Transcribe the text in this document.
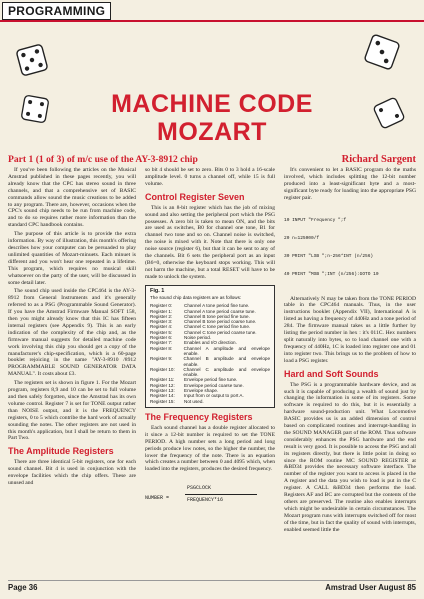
PROGRAMMING
MACHINE CODE
MOZART
Part 1 (1 of 3) of m/c use of the AY-3-8912 chip	Richard Sargent

If you've been following the articles on the Musical Amstrad published in these pages recently, you will already know that the CPC has stereo sound in three channels, and that a comprehensive set of BASIC commands allow sound the music creations to be added to any program. There are, however, occasions when the CPC's sound chip needs to be run from machine code, and to do so requires rather more information than the standard CPC handbook contains.

The purpose of this article is to provide the extra information. By way of illustration, this month's offering describes how your computer can be persuaded to play unlimited quantities of Mozart-minuets. Each minuet is different and you won't hear one repeated in a lifetime. This program, which requires no musical skill whatsoever on the party of the user, will be discussed in some detail later.

The sound chip used inside the CPC464 is the AY-3-8912 from General Instruments and it's generally referred to as a PSG (Programmable Sound Generator). If you have the Amstrad Firmware Manual SOFT 158, then you might already know that this IC has fifteen internal registers (see Appendix 9). This is an early indication of the complexity of the chip and, as the firmware manual suggests for detailed machine code work involving this chip you should get a copy of the manufacturer's chip-specification, which is a 60-page booklet rejoicing in the name "AY-3-8910 /8912 PROGRAMMABLE SOUND GENERATOR DATA MANUAL". It costs about £3.

The registers set is shown in figure 1. For the Mozart program, registers 8,9 and 10 can be set to full volume and then safely forgotten, since the Amstrad has its own volume control. Register 7 is set for TONE output rather than NOISE output, and it is the FREQUENCY registers, 0 to 5 which contribe the hard work of actually sounding the notes. The other registers are not used in this month's application, but I shall be return to them in Part Two.

The Amplitude Registers

There are three identical 5-bit registers, one for each sound channel. Bit 4 is used in conjunction with the envelope facilities which the chip offers. These are unused and

so bit 4 should be set to zero. Bits 0 to 3 hold a 16-scale amplitude level. 0 turns a channel off, while 15 is full volume.

Control Register Seven

This is an 8-bit register which has the job of mixing sound and also setting the peripheral port which the PSG possesses. A zero bit is taken to mean ON, and the bits are used as switches, B0 for channel one tone, B1 for channel two tone and so on. Channel noise is switched, the noise is mixed with it. Note that there is only one noise source (register 6), but that it can be sent to any of the channels. Bit 6 sets the peripheral port as an input (B6=0, otherwise the keyboard stops working. This will not harm the machine, but a total RESET will have to be made to unlock the system.

Fig. 1
The sound chip data registers are as follows:
Register 0:	Channel A tone period fine tune.
Register 1:	Channel A tone period coarse tune.
Register 2:	Channel B tone period fine tune.
Register 3:	Channel B tone period coarse tune.
Register 4:	Channel C tone period fine tune.
Register 5:	Channel C tone period coarse tune.
Register 6:	Noise period.
Register 7:	Enables and I/O direction.
Register 8:	Channel A amplitude and envelope enable.
Register 9:	Channel B amplitude and envelope enable.
Register 10:	Channel C amplitude and envelope enable.
Register 11:	Envelope period fine tune.
Register 12:	Envelope period coarse tune.
Register 13:	Envelope shape.
Register 14:	Input from or output to port A.
Register 15:	Not used.
The Frequency Registers

Each sound channel has a double register allocated to it since a 12-bit number is required to set the TONE PERIOD. A high number sets a long period and long periods produce low notes, so the higher the number, the lower the frequency of the note. There is an equation which creates a number between 0 and 4095 which, when loaded into the registers, produces the desired frequency.

NUMBER =
PSGCLOCK
FREQUENCY*16

It's convenient to let a BASIC program do the maths involved, which includes splitting the 12-bit number produced into a least-significant byte and a most-significant byte ready for loading into the appropriate PSG register pair.

10 INPUT "Frequency ";f

20 n=125000/f

30 PRINT "LSB ";n-256*INT (n/256)

40 PRINT "MSB ";INT (n/256):GOTO 10

Alternatively N may be taken from the TONE PERIOD table in the CPC464 manuals. Thus, in the user instructions booklet (Appendix VII), International A is listed as having a frequency of 440Hz and a tone period of 284. The firmware manual takes us a little further by listing the period number in hex : it's 011C. Hex numbers split naturally into bytes, so to load channel one with a frequency of 440Hz, 1C is loaded into register one and 01 into register two. This brings us to the problem of how to load a PSG register.

Hard and Soft Sounds

The PSG is a programmable hardware device, and as such it is capable of producing a wealth of sound just by changing the information in some of its registers. Some software is required to do this, but it is essentially a hardware sound-production unit. What Locomotive BASIC provides us is an added dimension of control based on complicated routines and interrupt-handling in the SOUND MANAGER part of the ROM. Thus software considerably enhances the PSG hardware and the end result is very good. It is possible to access the PSG and all its registers directly, but there is little point in doing so since the ROM routine MC SOUND REGISTER at &BD34 provides the necessary software interface. The number of the register you want to access is placed in the A register and the data you wish to load is put in the C register. A CALL &BD34 then performs the load. Registers AF and BC are corrupted but the contents of the others are preserved. The routine also enables interrupts which might be undesirable in certain circumstances. The Mozart program runs with interrupts switched off for most of the time, but in fact the quality of sound with interrupts, enabled seemed little the

Page 36	Amstrad User August 85
